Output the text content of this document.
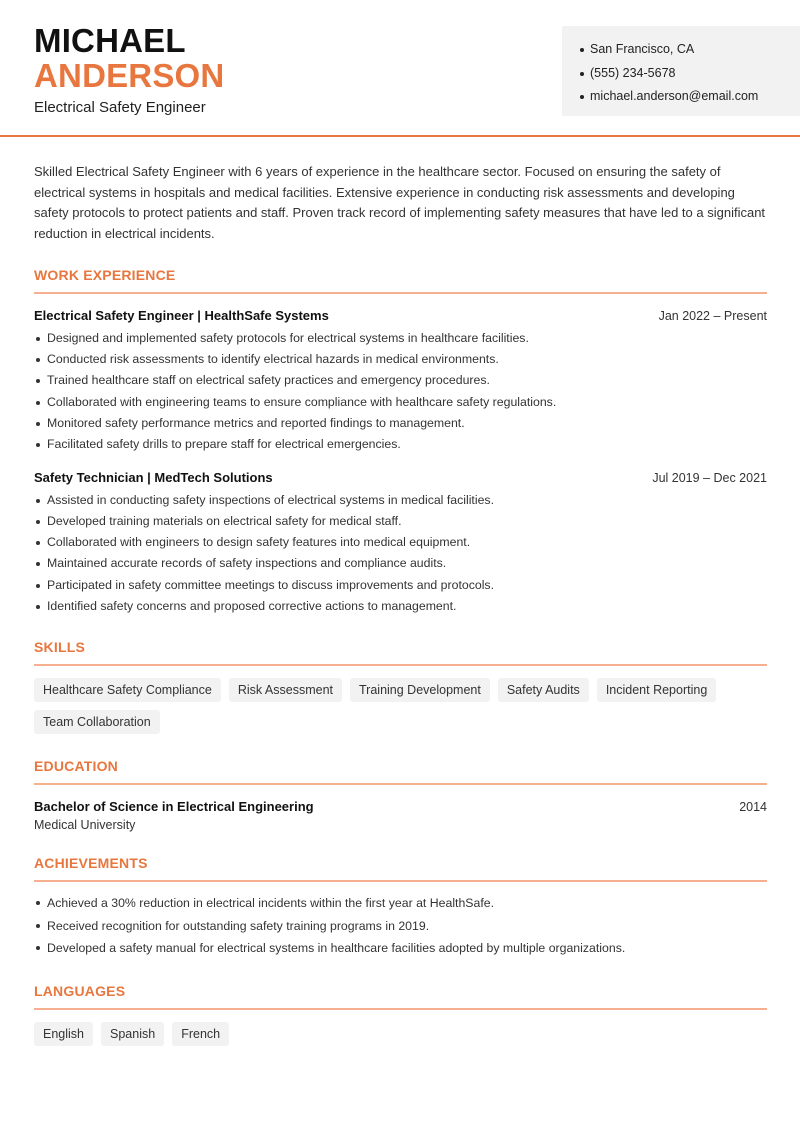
MICHAEL
ANDERSON
Electrical Safety Engineer
San Francisco, CA
(555) 234-5678
michael.anderson@email.com

Skilled Electrical Safety Engineer with 6 years of experience in the healthcare sector. Focused on ensuring the safety of electrical systems in hospitals and medical facilities. Extensive experience in conducting risk assessments and developing safety protocols to protect patients and staff. Proven track record of implementing safety measures that have led to a significant reduction in electrical incidents.

WORK EXPERIENCE
Electrical Safety Engineer | HealthSafe Systems	Jan 2022 – Present
Designed and implemented safety protocols for electrical systems in healthcare facilities.
Conducted risk assessments to identify electrical hazards in medical environments.
Trained healthcare staff on electrical safety practices and emergency procedures.
Collaborated with engineering teams to ensure compliance with healthcare safety regulations.
Monitored safety performance metrics and reported findings to management.
Facilitated safety drills to prepare staff for electrical emergencies.
Safety Technician | MedTech Solutions	Jul 2019 – Dec 2021
Assisted in conducting safety inspections of electrical systems in medical facilities.
Developed training materials on electrical safety for medical staff.
Collaborated with engineers to design safety features into medical equipment.
Maintained accurate records of safety inspections and compliance audits.
Participated in safety committee meetings to discuss improvements and protocols.
Identified safety concerns and proposed corrective actions to management.
SKILLS
Healthcare Safety Compliance	Risk Assessment	Training Development	Safety Audits	Incident Reporting
Team Collaboration
EDUCATION
Bachelor of Science in Electrical Engineering	2014
Medical University
ACHIEVEMENTS
Achieved a 30% reduction in electrical incidents within the first year at HealthSafe.
Received recognition for outstanding safety training programs in 2019.
Developed a safety manual for electrical systems in healthcare facilities adopted by multiple organizations.
LANGUAGES
English	Spanish	French
